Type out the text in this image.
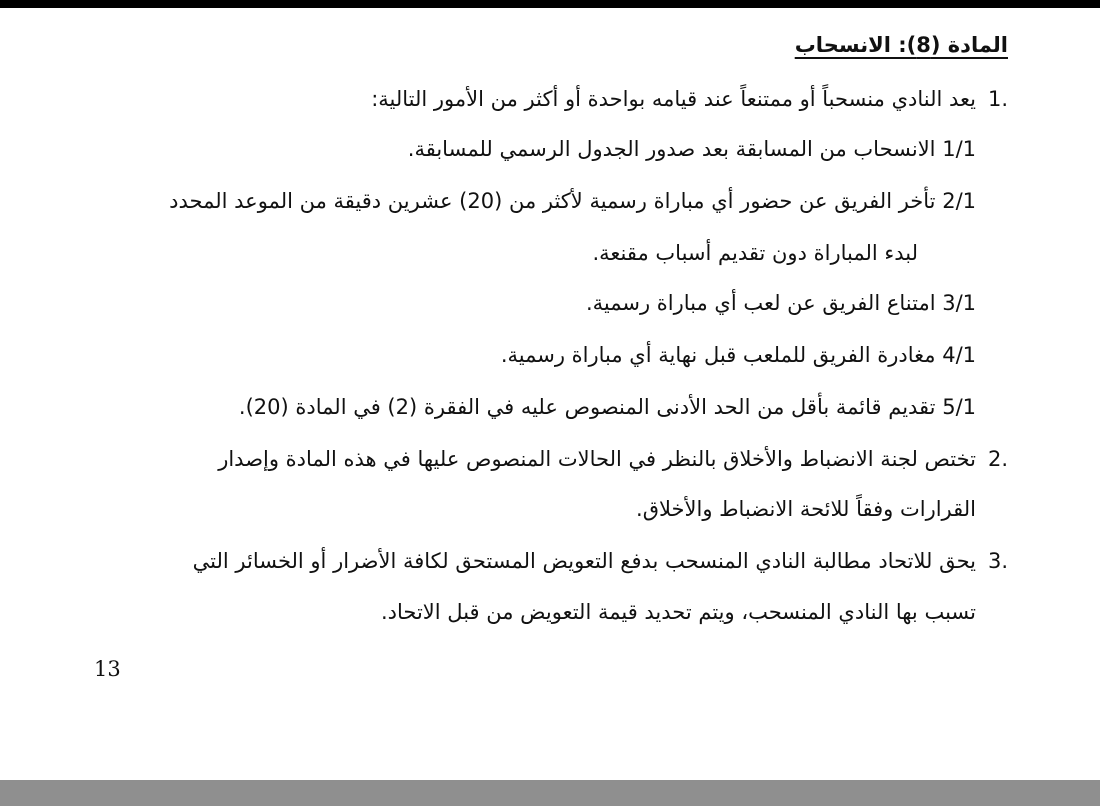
المادة (8): الانسحاب
1.
يعد النادي منسحباً أو ممتنعاً عند قيامه بواحدة أو أكثر من الأمور التالية:
1/1 الانسحاب من المسابقة بعد صدور الجدول الرسمي للمسابقة.
2/1 تأخر الفريق عن حضور أي مباراة رسمية لأكثر من (20) عشرين دقيقة من الموعد المحدد
لبدء المباراة دون تقديم أسباب مقنعة.
3/1 امتناع الفريق عن لعب أي مباراة رسمية.
4/1 مغادرة الفريق للملعب قبل نهاية أي مباراة رسمية.
5/1 تقديم قائمة بأقل من الحد الأدنى المنصوص عليه في الفقرة (2) في المادة (20).
2.
تختص لجنة الانضباط والأخلاق بالنظر في الحالات المنصوص عليها في هذه المادة وإصدار
القرارات وفقاً للائحة الانضباط والأخلاق.
3.
يحق للاتحاد مطالبة النادي المنسحب بدفع التعويض المستحق لكافة الأضرار أو الخسائر التي
تسبب بها النادي المنسحب، ويتم تحديد قيمة التعويض من قبل الاتحاد.
13
